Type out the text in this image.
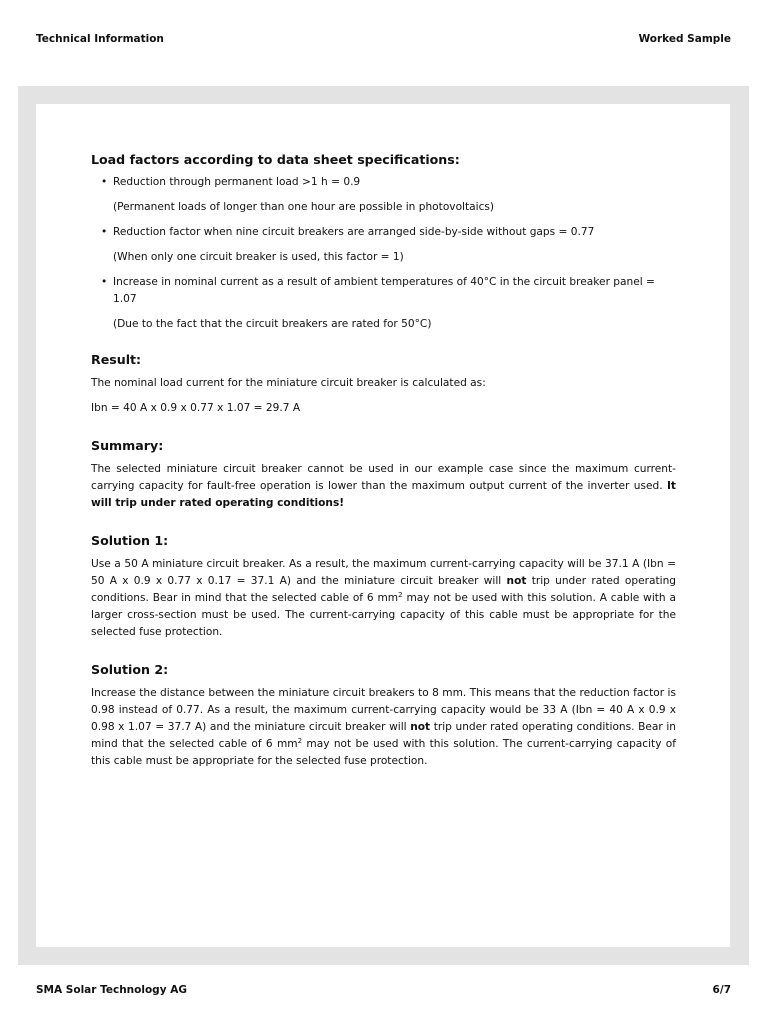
Technical Information	Worked Sample
Load factors according to data sheet specifications:
• Reduction through permanent load >1 h = 0.9
(Permanent loads of longer than one hour are possible in photovoltaics)
• Reduction factor when nine circuit breakers are arranged side-by-side without gaps = 0.77
(When only one circuit breaker is used, this factor = 1)
• Increase in nominal current as a result of ambient temperatures of 40°C in the circuit breaker panel = 1.07
(Due to the fact that the circuit breakers are rated for 50°C)
Result:

The nominal load current for the miniature circuit breaker is calculated as:

Ibn = 40 A x 0.9 x 0.77 x 1.07 = 29.7 A

Summary:

The selected miniature circuit breaker cannot be used in our example case since the maximum current-carrying capacity for fault-free operation is lower than the maximum output current of the inverter used. It will trip under rated operating conditions!

Solution 1:

Use a 50 A miniature circuit breaker. As a result, the maximum current-carrying capacity will be 37.1 A (Ibn = 50 A x 0.9 x 0.77 x 0.17 = 37.1 A) and the miniature circuit breaker will not trip under rated operating conditions. Bear in mind that the selected cable of 6 $mm^2$ may not be used with this solution. A cable with a larger cross-section must be used. The current-carrying capacity of this cable must be appropriate for the selected fuse protection.

Solution 2:

Increase the distance between the miniature circuit breakers to 8 mm. This means that the reduction factor is 0.98 instead of 0.77. As a result, the maximum current-carrying capacity would be 33 A (Ibn = 40 A x 0.9 x 0.98 x 1.07 = 37.7 A) and the miniature circuit breaker will not trip under rated operating conditions. Bear in mind that the selected cable of 6 $mm^2$ may not be used with this solution. The current-carrying capacity of this cable must be appropriate for the selected fuse protection.

SMA Solar Technology AG	6/7
